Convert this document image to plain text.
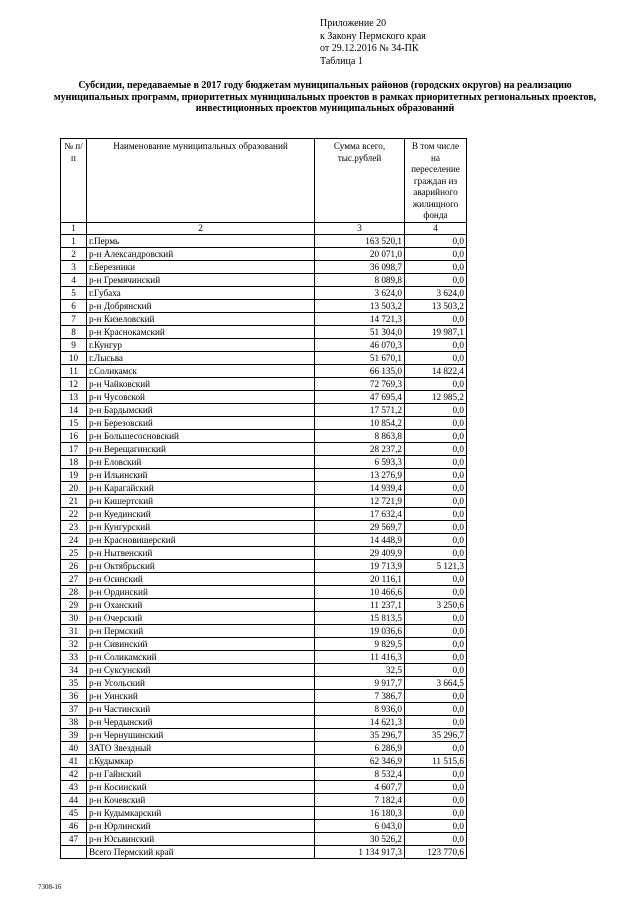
Приложение 20
к Закону Пермского края
от 29.12.2016 № 34-ПК
Таблица 1
Субсидии, передаваемые в 2017 году бюджетам муниципальных районов (городских округов) на реализацию муниципальных программ, приоритетных муниципальных проектов в рамках приоритетных региональных проектов, инвестиционных проектов муниципальных образований
№ п/п	Наименование муниципальных образований	Сумма всего, тыс.рублей	В том числе на переселение граждан из аварийного жилищного фонда
1	2	3	4
1	г.Пермь	163 520,1	0,0
2	р-н Александровский	20 071,0	0,0
3	г.Березники	36 098,7	0,0
4	р-н Гремячинский	8 089,8	0,0
5	г.Губаха	3 624,0	3 624,0
6	р-н Добрянский	13 503,2	13 503,2
7	р-н Кизеловский	14 721,3	0,0
8	р-н Краснокамский	51 304,0	19 987,1
9	г.Кунгур	46 070,3	0,0
10	г.Лысьва	51 670,1	0,0
11	г.Соликамск	66 135,0	14 822,4
12	р-н Чайковский	72 769,3	0,0
13	р-н Чусовской	47 695,4	12 985,2
14	р-н Бардымский	17 571,2	0,0
15	р-н Березовский	10 854,2	0,0
16	р-н Большесосновский	8 863,8	0,0
17	р-н Верещагинский	28 237,2	0,0
18	р-н Еловский	6 593,3	0,0
19	р-н Ильинский	13 276,9	0,0
20	р-н Карагайский	14 939,4	0,0
21	р-н Кишертский	12 721,9	0,0
22	р-н Куединский	17 632,4	0,0
23	р-н Кунгурский	29 569,7	0,0
24	р-н Красновишерский	14 448,9	0,0
25	р-н Нытвенский	29 409,9	0,0
26	р-н Октябрьский	19 713,9	5 121,3
27	р-н Осинский	20 116,1	0,0
28	р-н Ординский	10 466,6	0,0
29	р-н Оханский	11 237,1	3 250,6
30	р-н Очерский	15 813,5	0,0
31	р-н Пермский	19 036,6	0,0
32	р-н Сивинский	9 829,5	0,0
33	р-н Соликамский	11 416,3	0,0
34	р-н Суксунский	32,5	0,0
35	р-н Усольский	9 917,7	3 664,5
36	р-н Уинский	7 386,7	0,0
37	р-н Частинский	8 936,0	0,0
38	р-н Чердынский	14 621,3	0,0
39	р-н Чернушинский	35 296,7	35 296,7
40	ЗАТО Звездный	6 286,9	0,0
41	г.Кудымкар	62 346,9	11 515,6
42	р-н Гайнский	8 532,4	0,0
43	р-н Косинский	4 607,7	0,0
44	р-н Кочевский	7 182,4	0,0
45	р-н Кудымкарский	16 180,3	0,0
46	р-н Юрлинский	6 043,0	0,0
47	р-н Юсьвинский	30 526,2	0,0
	Всего Пермский край	1 134 917,3	123 770,6
7308-16
